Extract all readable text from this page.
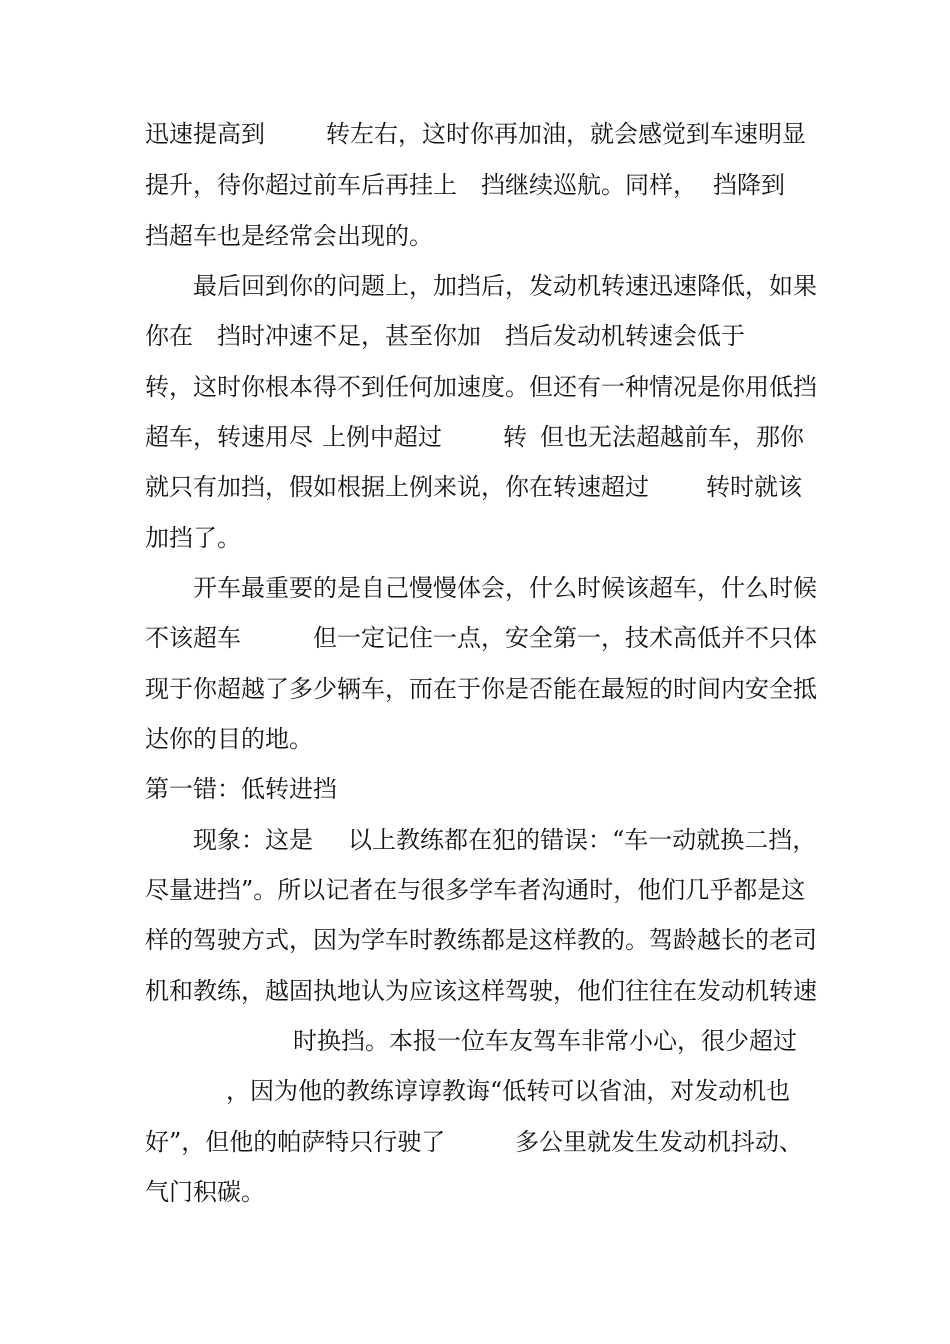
迅速提高到

	转左右，这时你再加油，就会感觉到车速明显

提升，待你超过前车后再挂上

挡继续巡航。同样，

挡降到

挡超车也是经常会出现的。

最后回到你的问题上，加挡后，发动机转速迅速降低，如果

你在

挡时冲速不足，甚至你加

挡后发动机转速会低于

转，这时你根本得不到任何加速度。但还有一种情况是你用低挡

超车，转速用尽

上例中超过

	转

但也无法超越前车，那你

就只有加挡，假如根据上例来说，你在转速超过

转时就该

加挡了。

开车最重要的是自己慢慢体会，什么时候该超车，什么时候

不该超车

	但一定记住一点，安全第一，技术高低并不只体

现于你超越了多少辆车，而在于你是否能在最短的时间内安全抵

达你的目的地。

第一错：低转进挡

现象：这是

以上教练都在犯的错误：“车一动就换二挡，

尽量进挡”。所以记者在与很多学车者沟通时，他们几乎都是这

样的驾驶方式，因为学车时教练都是这样教的。驾龄越长的老司

机和教练，越固执地认为应该这样驾驶，他们往往在发动机转速

时换挡。本报一位车友驾车非常小心，很少超过

，因为他的教练谆谆教诲“低转可以省油，对发动机也

好”，但他的帕萨特只行驶了

	多公里就发生发动机抖动、

气门积碳。
